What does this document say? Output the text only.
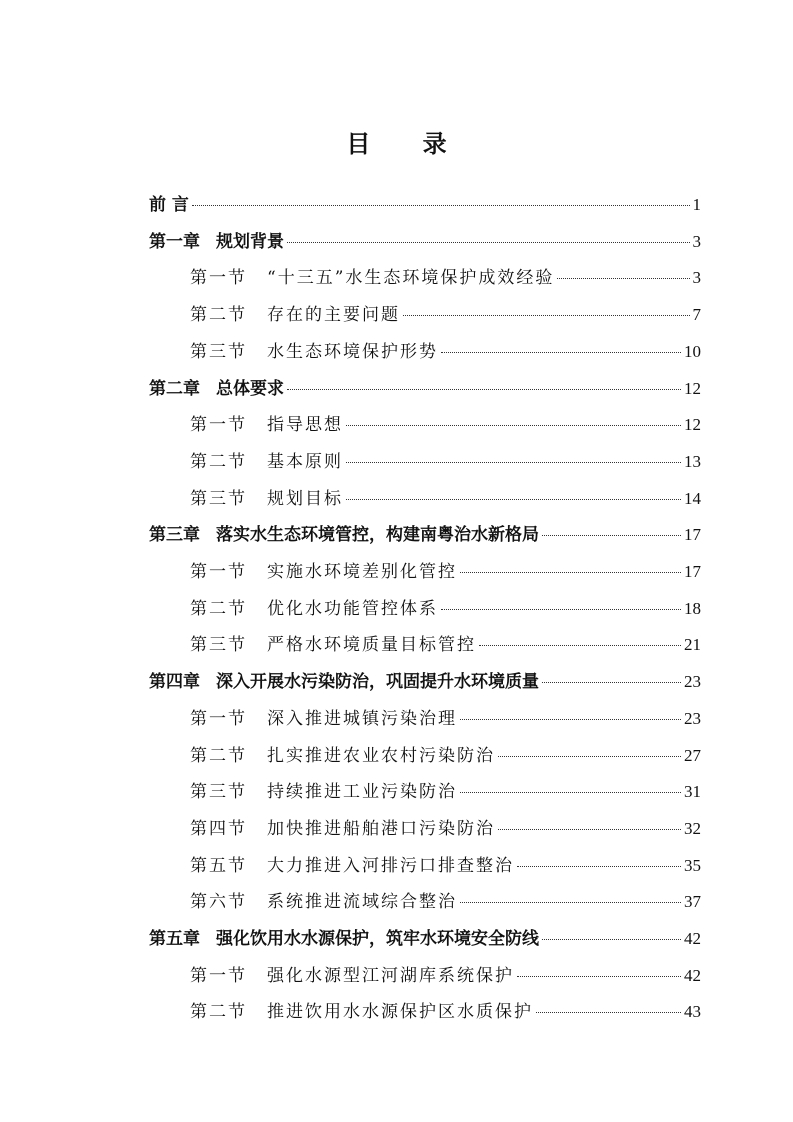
目 录
前 言	1
第一章 规划背景	3
第一节 “十三五”水生态环境保护成效经验	3
第二节 存在的主要问题	7
第三节 水生态环境保护形势	10
第二章 总体要求	12
第一节 指导思想	12
第二节 基本原则	13
第三节 规划目标	14
第三章 落实水生态环境管控，构建南粤治水新格局	17
第一节 实施水环境差别化管控	17
第二节 优化水功能管控体系	18
第三节 严格水环境质量目标管控	21
第四章 深入开展水污染防治，巩固提升水环境质量	23
第一节 深入推进城镇污染治理	23
第二节 扎实推进农业农村污染防治	27
第三节 持续推进工业污染防治	31
第四节 加快推进船舶港口污染防治	32
第五节 大力推进入河排污口排查整治	35
第六节 系统推进流域综合整治	37
第五章 强化饮用水水源保护，筑牢水环境安全防线	42
第一节 强化水源型江河湖库系统保护	42
第二节 推进饮用水水源保护区水质保护	43
